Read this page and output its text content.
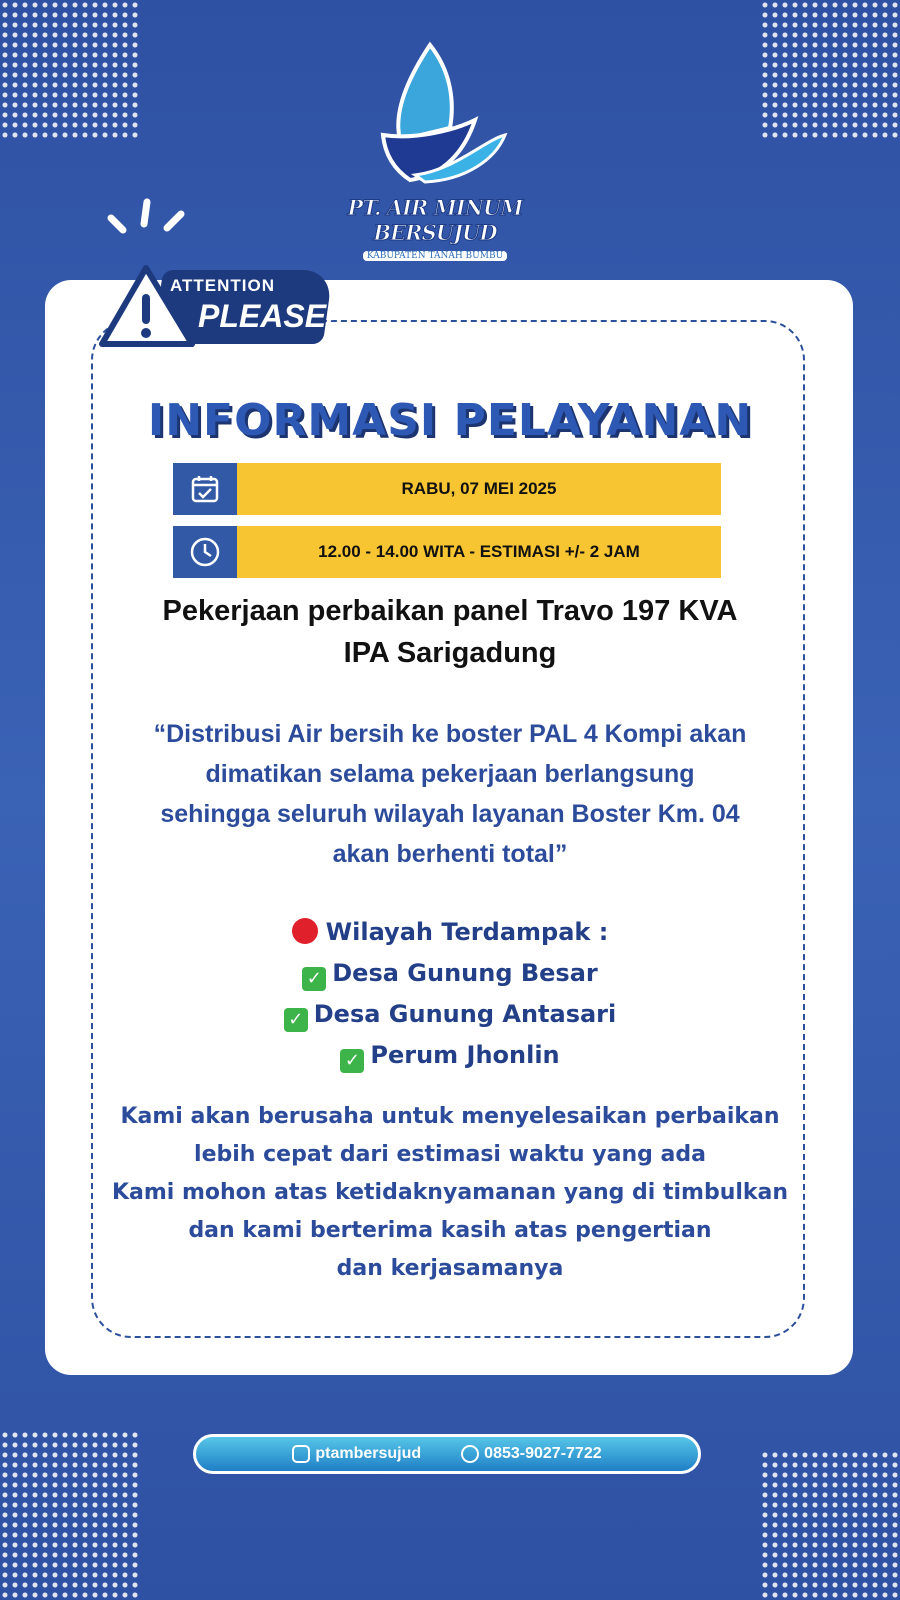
PT. AIR MINUM BERSUJUD
KABUPATEN TANAH BUMBU
ATTENTION
PLEASE!
INFORMASI PELAYANAN
RABU, 07 MEI 2025
12.00 - 14.00 WITA - ESTIMASI +/- 2 JAM
Pekerjaan perbaikan panel Travo 197 KVA
IPA Sarigadung
“Distribusi Air bersih ke boster PAL 4 Kompi akan
dimatikan selama pekerjaan berlangsung
sehingga seluruh wilayah layanan Boster Km. 04
akan berhenti total”
Wilayah Terdampak :
✓ Desa Gunung Besar
✓ Desa Gunung Antasari
✓ Perum Jhonlin
Kami akan berusaha untuk menyelesaikan perbaikan
lebih cepat dari estimasi waktu yang ada
Kami mohon atas ketidaknyamanan yang di timbulkan
dan kami berterima kasih atas pengertian
dan kerjasamanya
ptambersujud	0853-9027-7722
